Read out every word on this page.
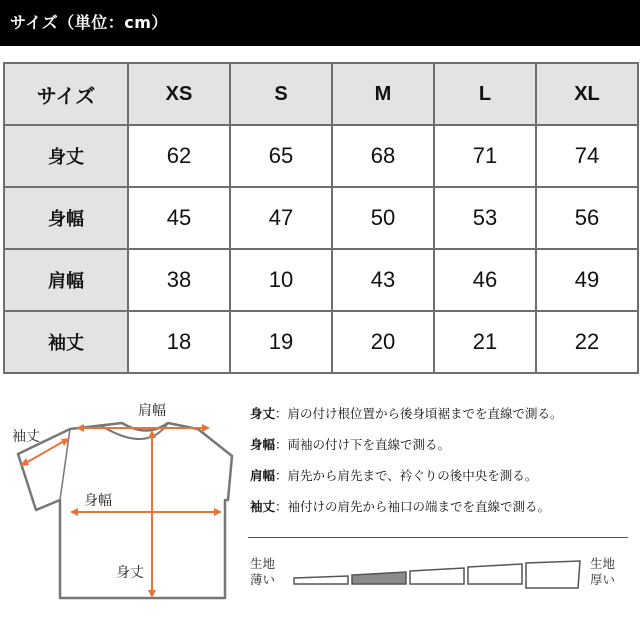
サイズ（単位：cm）
サイズ	XS	S	M	L	XL
身丈	62	65	68	71	74
身幅	45	47	50	53	56
肩幅	38	10	43	46	49
袖丈	18	19	20	21	22
肩幅
袖丈
身幅
身丈
身丈：肩の付け根位置から後身頃裾までを直線で測る。
身幅：両袖の付け下を直線で測る。
肩幅：肩先から肩先まで、衿ぐりの後中央を測る。
袖丈：袖付けの肩先から袖口の端までを直線で測る。
生地
薄い
生地
厚い
